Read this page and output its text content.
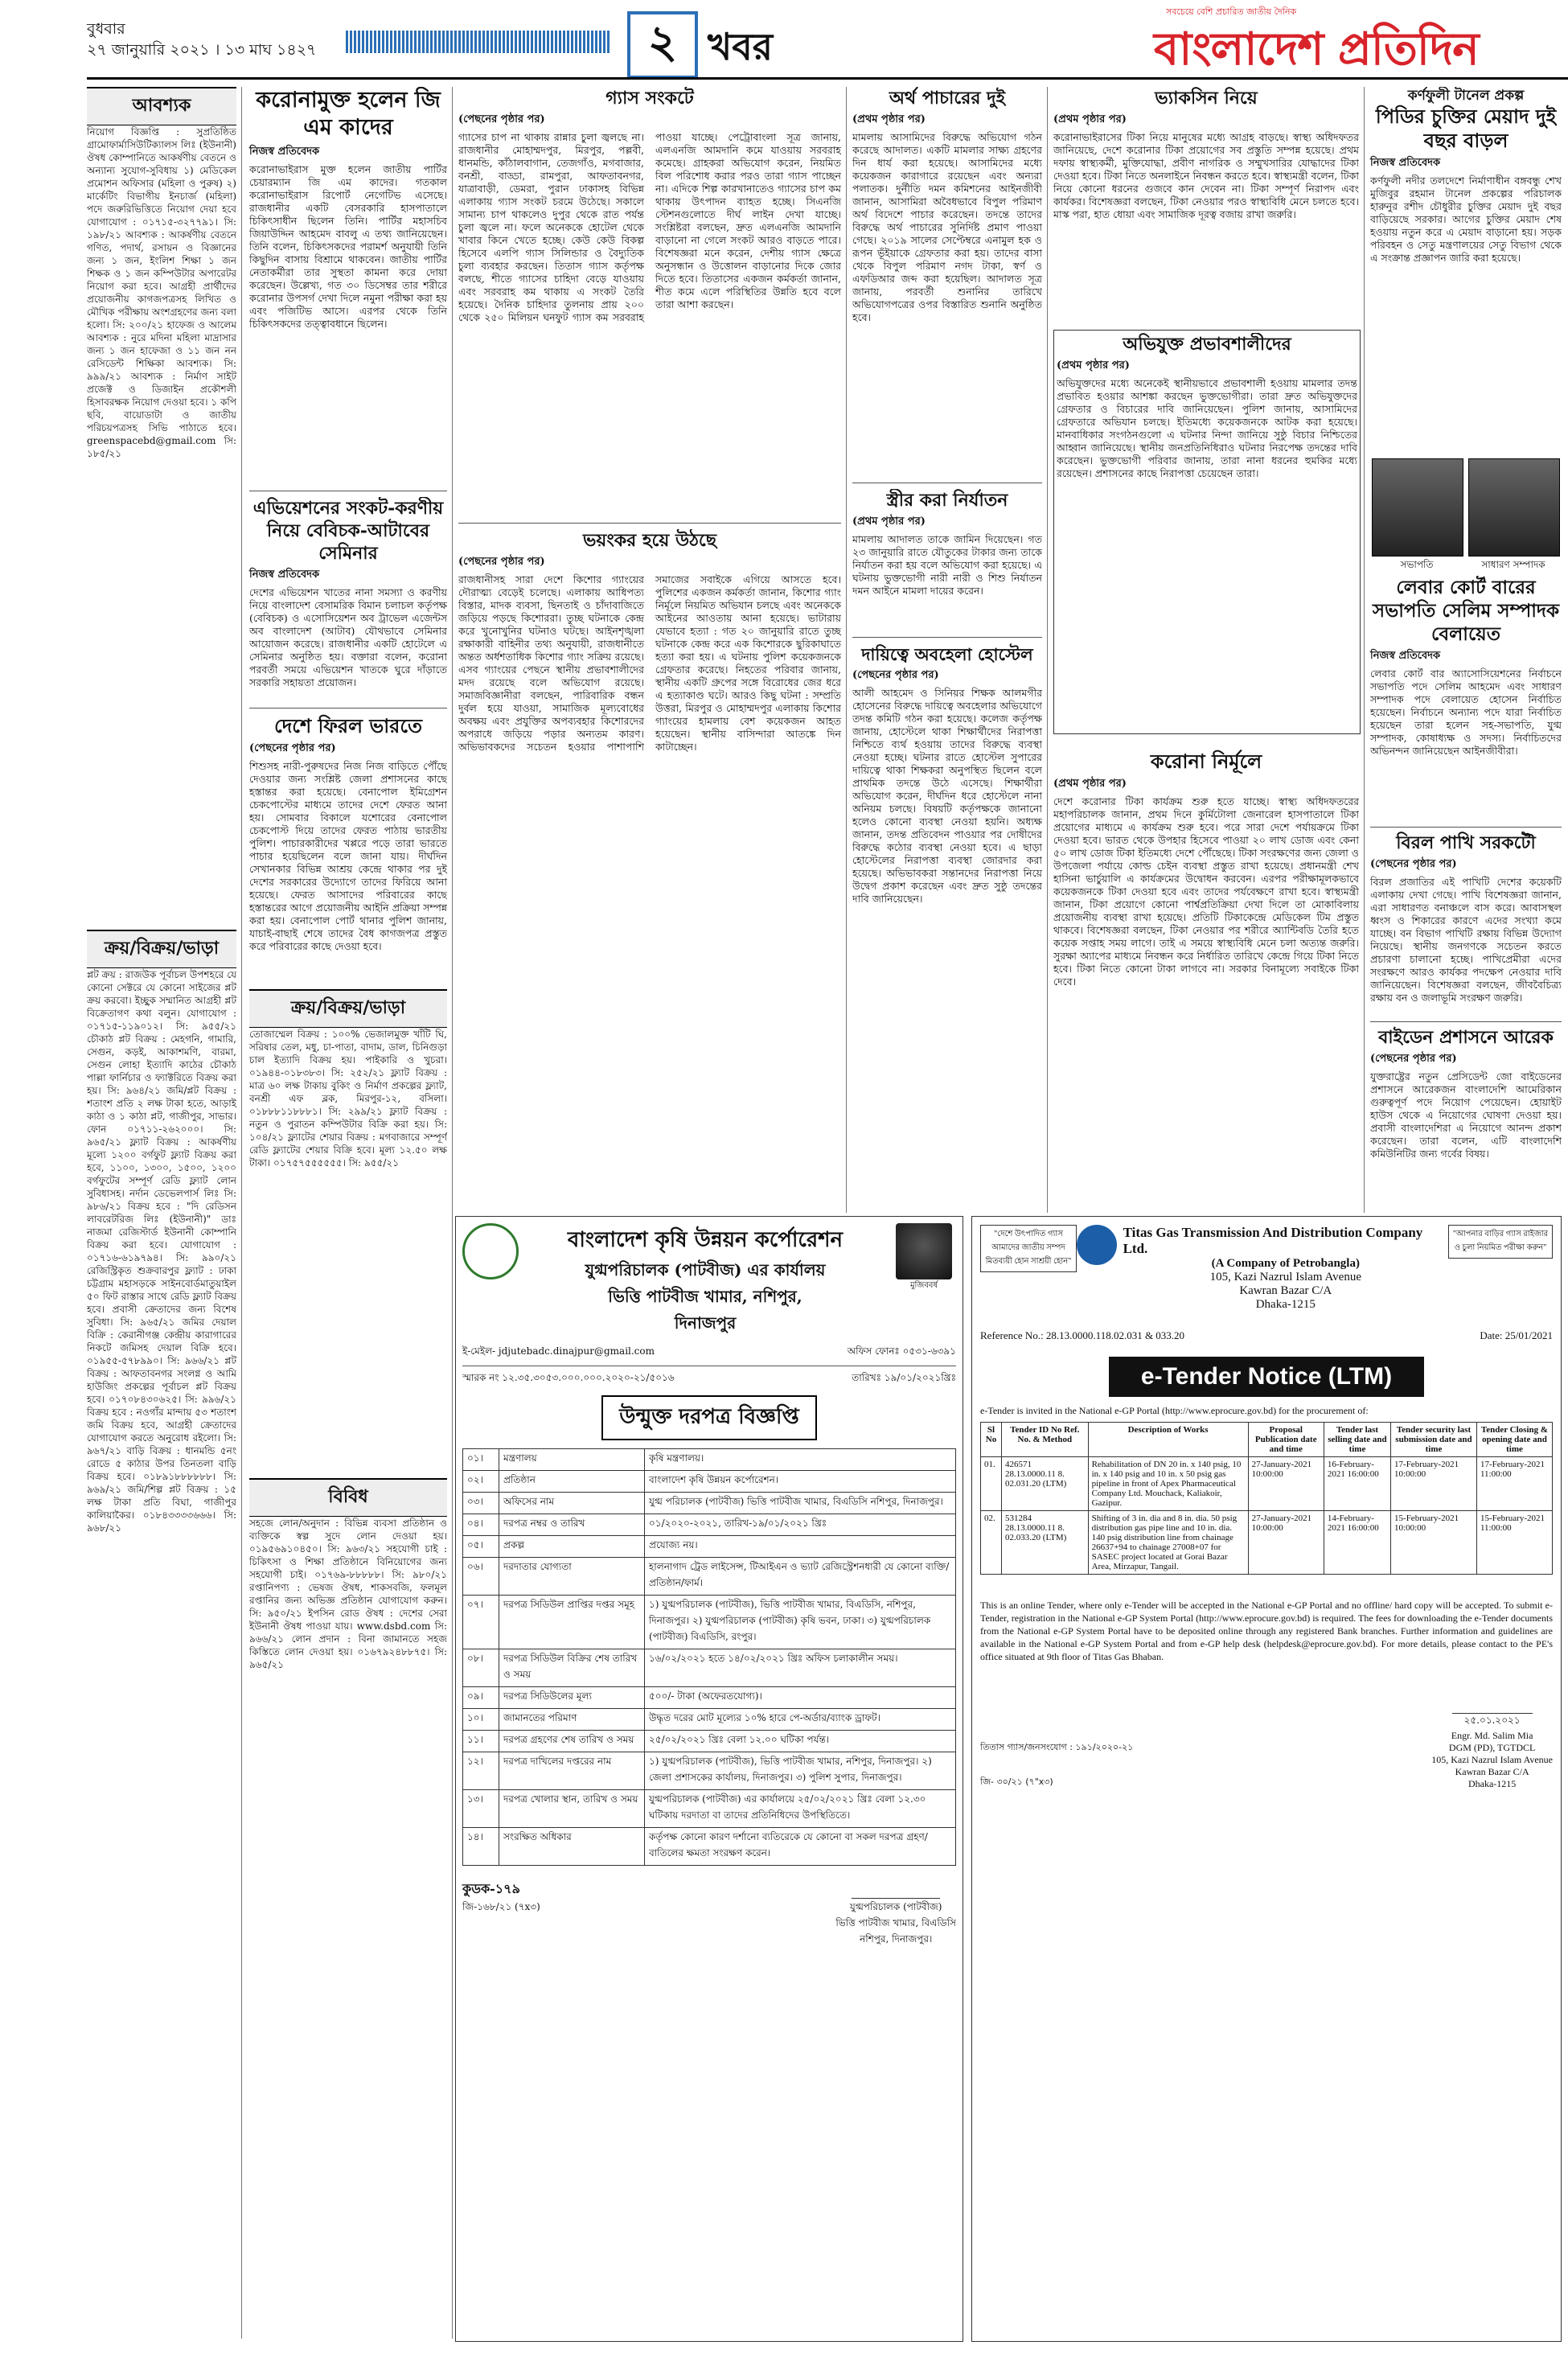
বুধবার
২৭ জানুয়ারি ২০২১ । ১৩ মাঘ ১৪২৭	২ খবর
সবচেয়ে বেশি প্রচারিত জাতীয় দৈনিক
বাংলাদেশ প্রতিদিন
আবশ্যক
নিয়োগ বিজ্ঞপ্তি : সুপ্রতিষ্ঠিত গ্রামোফার্মাসিউটিক্যালস লিঃ (ইউনানী) ঔষধ কোম্পানিতে আকর্ষণীয় বেতনে ও অন্যান্য সুযোগ-সুবিধায় ১) মেডিকেল প্রমোশন অফিসার (মহিলা ও পুরুষ) ২) মার্কেটিং বিভাগীয় ইনচার্জ (মহিলা) পদে জরুরিভিত্তিতে নিয়োগ দেয়া হবে যোগাযোগ : ০১৭১৫-৩২৭৭৯১। সি: ১৯৮/২১ আবশ্যক : আকর্ষণীয় বেতনে গণিত, পদার্থ, রসায়ন ও বিজ্ঞানের জন্য ১ জন, ইংলিশ শিক্ষা ১ জন শিক্ষক ও ১ জন কম্পিউটার অপারেটর নিয়োগ করা হবে। আগ্রহী প্রার্থীদের প্রয়োজনীয় কাগজপত্রসহ লিখিত ও মৌখিক পরীক্ষায় অংশগ্রহণের জন্য বলা হলো। সি: ২০০/২১ হাফেজ ও আলেম আবশ্যক : নুরে মদিনা মহিলা মাদ্রাসার জন্য ১ জন হাফেজা ও ১১ জন নন রেসিডেন্ট শিক্ষিকা আবশ্যক। সি: ৯৯৯/২১ আবশ্যক : নির্মাণ সাইট প্রজেক্ট ও ডিজাইন প্রকৌশলী হিসাবরক্ষক নিয়োগ দেওয়া হবে। ১ কপি ছবি, বায়োডাটা ও জাতীয় পরিচয়পত্রসহ সিভি পাঠাতে হবে। greenspacebd@gmail.com সি: ১৮৫/২১
ক্রয়/বিক্রয়/ভাড়া
প্লট ক্রয় : রাজউক পূর্বাচল উপশহরে যে কোনো সেক্টরে যে কোনো সাইজের প্লট ক্রয় করবো। ইচ্ছুক সম্মানিত আগ্রহী প্লট বিক্রেতাগণ কথা বলুন। যোগাযোগ : ০১৭১৫-১১৯০১২। সি: ৯৫৫/২১ চৌকাঠ প্লট বিক্রয় : মেহগনি, গামারি, সেগুন, কড়ই, আকাশমণি, বারমা, সেগুন লোহা ইত্যাদি কাঠের চৌকাঠ পাল্লা ফার্নিচার ও ফ্যাক্টরিতে বিক্রয় করা হয়। সি: ৯৬৪/২১ জমি/প্লট বিক্রয় : শতাংশ প্রতি ২ লক্ষ টাকা হতে, আড়াই কাঠা ও ১ কাঠা প্লট, গাজীপুর, সাভার। ফোন ০১৭১১-২৬২০০০। সি: ৯৬৫/২১ ফ্ল্যাট বিক্রয় : আকর্ষণীয় মূল্যে ১২০০ বর্গফুট ফ্ল্যাট বিক্রয় করা হবে, ১১০০, ১৩০০, ১৫০০, ১২০০ বর্গফুটের সম্পূর্ণ রেডি ফ্ল্যাট লোন সুবিধাসহ। নর্দান ডেভেলপার্স লিঃ সি: ৯৮৬/২১ বিক্রয় হবে : "দি রেডিসন লাবরেটরিজ লিঃ (ইউনানী)" ডাঃ নাজমা রেজিস্টার্ড ইউনানী কোম্পানি বিক্রয় করা হবে। যোগাযোগ : ০১৭১৬-৬১৯৭৯৪। সি: ৯৯০/২১ রেজিস্ট্রিকৃত শুক্রবারপুর ফ্ল্যাট : ঢাকা চট্টগ্রাম মহাসড়কে সাইনবোর্ডমাতুয়াইল ৫০ ফিট রাস্তার সাথে রেডি ফ্ল্যাট বিক্রয় হবে। প্রবাসী ক্রেতাদের জন্য বিশেষ সুবিধা। সি: ৯৬৫/২১ জমির দেয়াল বিক্রি : কেরানীগঞ্জ কেন্দ্রীয় কারাগারের নিকটে জমিসহ দেয়াল বিক্রি হবে। ০১৯৫৫-৫৭৮৯৯০। সি: ৯৬৬/২১ প্লট বিক্রয় : আফতাবনগর সংলগ্ন ও আমি হাউজিং প্রকল্পের পূর্বাচল প্লট বিক্রয় হবে। ০১৭০৮৪৩০৬২৫। সি: ৯৯৬/২১ বিক্রয় হবে : নওগাঁর মান্দায় ৫৩ শতাংশ জমি বিক্রয় হবে, আগ্রহী ক্রেতাদের যোগাযোগ করতে অনুরোধ রইলো। সি: ৯৬৭/২১ বাড়ি বিক্রয় : ধানমন্ডি ৫নং রোডে ৫ কাঠার উপর তিনতলা বাড়ি বিক্রয় হবে। ০১৮৯১৮৮৮৮৮৮। সি: ৯৬৯/২১ জমি/শিল্প প্লট বিক্রয় : ১৫ লক্ষ টাকা প্রতি বিঘা, গাজীপুর কালিয়াকৈর। ০১৮৪৩৩৩৩৬৬৬। সি: ৯৬৮/২১
করোনামুক্ত হলেন জি এম কাদের
নিজস্ব প্রতিবেদক
করোনাভাইরাস মুক্ত হলেন জাতীয় পার্টির চেয়ারম্যান জি এম কাদের। গতকাল করোনাভাইরাস রিপোর্ট নেগেটিভ এসেছে। রাজধানীর একটি বেসরকারি হাসপাতালে চিকিৎসাধীন ছিলেন তিনি। পার্টির মহাসচিব জিয়াউদ্দিন আহমেদ বাবলু এ তথ্য জানিয়েছেন। তিনি বলেন, চিকিৎসকদের পরামর্শ অনুযায়ী তিনি কিছুদিন বাসায় বিশ্রামে থাকবেন। জাতীয় পার্টির নেতাকর্মীরা তার সুস্থতা কামনা করে দোয়া করেছেন। উল্লেখ্য, গত ৩০ ডিসেম্বর তার শরীরে করোনার উপসর্গ দেখা দিলে নমুনা পরীক্ষা করা হয় এবং পজিটিভ আসে। এরপর থেকে তিনি চিকিৎসকদের তত্ত্বাবধানে ছিলেন।
এভিয়েশনের সংকট-করণীয় নিয়ে বেবিচক-আটাবের সেমিনার
নিজস্ব প্রতিবেদক
দেশের এভিয়েশন খাতের নানা সমস্যা ও করণীয় নিয়ে বাংলাদেশ বেসামরিক বিমান চলাচল কর্তৃপক্ষ (বেবিচক) ও এসোসিয়েশন অব ট্রাভেল এজেন্টস অব বাংলাদেশ (আটাব) যৌথভাবে সেমিনার আয়োজন করেছে। রাজধানীর একটি হোটেলে এ সেমিনার অনুষ্ঠিত হয়। বক্তারা বলেন, করোনা পরবর্তী সময়ে এভিয়েশন খাতকে ঘুরে দাঁড়াতে সরকারি সহায়তা প্রয়োজন।
দেশে ফিরল ভারতে
(পেছনের পৃষ্ঠার পর)
শিশুসহ নারী-পুরুষদের নিজ নিজ বাড়িতে পৌঁছে দেওয়ার জন্য সংশ্লিষ্ট জেলা প্রশাসনের কাছে হস্তান্তর করা হয়েছে। বেনাপোল ইমিগ্রেশন চেকপোস্টের মাধ্যমে তাদের দেশে ফেরত আনা হয়। সোমবার বিকালে যশোরের বেনাপোল চেকপোস্ট দিয়ে তাদের ফেরত পাঠায় ভারতীয় পুলিশ। পাচারকারীদের খপ্পরে পড়ে তারা ভারতে পাচার হয়েছিলেন বলে জানা যায়। দীর্ঘদিন সেখানকার বিভিন্ন আশ্রয় কেন্দ্রে থাকার পর দুই দেশের সরকারের উদ্যোগে তাদের ফিরিয়ে আনা হয়েছে। ফেরত আসাদের পরিবারের কাছে হস্তান্তরের আগে প্রয়োজনীয় আইনি প্রক্রিয়া সম্পন্ন করা হয়। বেনাপোল পোর্ট থানার পুলিশ জানায়, যাচাই-বাছাই শেষে তাদের বৈধ কাগজপত্র প্রস্তুত করে পরিবারের কাছে দেওয়া হবে।
ক্রয়/বিক্রয়/ভাড়া
তোজাম্মেল বিক্রয় : ১০০% ভেজালমুক্ত খাঁটি ঘি, সরিষার তেল, মধু, চা-পাতা, বাদাম, ডাল, চিনিগুড়া চাল ইত্যাদি বিক্রয় হয়। পাইকারি ও খুচরা। ০১৯৪৪-০১৮৩৮৩। সি: ২৫২/২১ ফ্ল্যাট বিক্রয় : মাত্র ৬০ লক্ষ টাকায় বুকিং ও নির্মাণ প্রকল্পের ফ্ল্যাট, বনশ্রী এফ ব্লক, মিরপুর-১২, বসিলা। ০১৮৮৮১১৮৮৮১। সি: ২৯৯/২১ ফ্ল্যাট বিক্রয় : নতুন ও পুরাতন কম্পিউটার বিক্রি করা হয়। সি: ১০৪/২১ ফ্ল্যাটের শেয়ার বিক্রয় : মগবাজারে সম্পূর্ণ রেডি ফ্ল্যাটের শেয়ার বিক্রি হবে। মূল্য ১২.৫০ লক্ষ টাকা। ০১৭৫৭৫৫৫৫৫৫। সি: ৯৫৫/২১
বিবিধ
সহজে লোন/অনুদান : বিভিন্ন ব্যবসা প্রতিষ্ঠান ও ব্যক্তিকে স্বল্প সুদে লোন দেওয়া হয়। ০১৯৫৬৯১০৪৫০। সি: ৯৬৩/২১ সহযোগী চাই : চিকিৎসা ও শিক্ষা প্রতিষ্ঠানে বিনিয়োগের জন্য সহযোগী চাই। ০১৭৬৯-৮৮৮৮৮। সি: ৯৮০/২১ রপ্তানিপণ্য : ভেষজ ঔষধ, শাকসবজি, ফলমূল রপ্তানির জন্য অভিজ্ঞ প্রতিষ্ঠান যোগাযোগ করুন। সি: ৯৫০/২১ ইপসিন রোড ঔষধ : দেশের সেরা ইউনানী ঔষধ পাওয়া যায়। www.dsbd.com সি: ৯৬৬/২১ লোন প্রদান : বিনা জামানতে সহজ কিস্তিতে লোন দেওয়া হয়। ০১৬৭৯২৪৮৮৭৫। সি: ৯৬৫/২১
গ্যাস সংকটে
(পেছনের পৃষ্ঠার পর)
গ্যাসের চাপ না থাকায় রান্নার চুলা জ্বলছে না। রাজধানীর মোহাম্মদপুর, মিরপুর, পল্লবী, ধানমন্ডি, কাঁঠালবাগান, তেজগাঁও, মগবাজার, বনশ্রী, বাড্ডা, রামপুরা, আফতাবনগর, যাত্রাবাড়ী, ডেমরা, পুরান ঢাকাসহ বিভিন্ন এলাকায় গ্যাস সংকট চরমে উঠেছে। সকালে সামান্য চাপ থাকলেও দুপুর থেকে রাত পর্যন্ত চুলা জ্বলে না। ফলে অনেককে হোটেল থেকে খাবার কিনে খেতে হচ্ছে। কেউ কেউ বিকল্প হিসেবে এলপি গ্যাস সিলিন্ডার ও বৈদ্যুতিক চুলা ব্যবহার করছেন। তিতাস গ্যাস কর্তৃপক্ষ বলছে, শীতে গ্যাসের চাহিদা বেড়ে যাওয়ায় এবং সরবরাহ কম থাকায় এ সংকট তৈরি হয়েছে। দৈনিক চাহিদার তুলনায় প্রায় ২০০ থেকে ২৫০ মিলিয়ন ঘনফুট গ্যাস কম সরবরাহ পাওয়া যাচ্ছে। পেট্রোবাংলা সূত্র জানায়, এলএনজি আমদানি কমে যাওয়ায় সরবরাহ কমেছে। গ্রাহকরা অভিযোগ করেন, নিয়মিত বিল পরিশোধ করার পরও তারা গ্যাস পাচ্ছেন না। এদিকে শিল্প কারখানাতেও গ্যাসের চাপ কম থাকায় উৎপাদন ব্যাহত হচ্ছে। সিএনজি স্টেশনগুলোতে দীর্ঘ লাইন দেখা যাচ্ছে। সংশ্লিষ্টরা বলছেন, দ্রুত এলএনজি আমদানি বাড়ানো না গেলে সংকট আরও বাড়তে পারে। বিশেষজ্ঞরা মনে করেন, দেশীয় গ্যাস ক্ষেত্রে অনুসন্ধান ও উত্তোলন বাড়ানোর দিকে জোর দিতে হবে। তিতাসের একজন কর্মকর্তা জানান, শীত কমে এলে পরিস্থিতির উন্নতি হবে বলে তারা আশা করছেন।
ভয়ংকর হয়ে উঠছে
(পেছনের পৃষ্ঠার পর)
রাজধানীসহ সারা দেশে কিশোর গ্যাংয়ের দৌরাত্ম্য বেড়েই চলেছে। এলাকায় আধিপত্য বিস্তার, মাদক ব্যবসা, ছিনতাই ও চাঁদাবাজিতে জড়িয়ে পড়ছে কিশোররা। তুচ্ছ ঘটনাকে কেন্দ্র করে খুনোখুনির ঘটনাও ঘটছে। আইনশৃঙ্খলা রক্ষাকারী বাহিনীর তথ্য অনুযায়ী, রাজধানীতে অন্তত অর্ধশতাধিক কিশোর গ্যাং সক্রিয় রয়েছে। এসব গ্যাংয়ের পেছনে স্থানীয় প্রভাবশালীদের মদদ রয়েছে বলে অভিযোগ রয়েছে। সমাজবিজ্ঞানীরা বলছেন, পারিবারিক বন্ধন দুর্বল হয়ে যাওয়া, সামাজিক মূল্যবোধের অবক্ষয় এবং প্রযুক্তির অপব্যবহার কিশোরদের অপরাধে জড়িয়ে পড়ার অন্যতম কারণ। অভিভাবকদের সচেতন হওয়ার পাশাপাশি সমাজের সবাইকে এগিয়ে আসতে হবে। পুলিশের একজন কর্মকর্তা জানান, কিশোর গ্যাং নির্মূলে নিয়মিত অভিযান চলছে এবং অনেককে আইনের আওতায় আনা হয়েছে। ভাটারায় যেভাবে হত্যা : গত ২০ জানুয়ারি রাতে তুচ্ছ ঘটনাকে কেন্দ্র করে এক কিশোরকে ছুরিকাঘাতে হত্যা করা হয়। এ ঘটনায় পুলিশ কয়েকজনকে গ্রেফতার করেছে। নিহতের পরিবার জানায়, স্থানীয় একটি গ্রুপের সঙ্গে বিরোধের জের ধরে এ হত্যাকাণ্ড ঘটে। আরও কিছু ঘটনা : সম্প্রতি উত্তরা, মিরপুর ও মোহাম্মদপুর এলাকায় কিশোর গ্যাংয়ের হামলায় বেশ কয়েকজন আহত হয়েছেন। স্থানীয় বাসিন্দারা আতঙ্কে দিন কাটাচ্ছেন।
অর্থ পাচারের দুই
(প্রথম পৃষ্ঠার পর)
মামলায় আসামিদের বিরুদ্ধে অভিযোগ গঠন করেছে আদালত। একটি মামলার সাক্ষ্য গ্রহণের দিন ধার্য করা হয়েছে। আসামিদের মধ্যে কয়েকজন কারাগারে রয়েছেন এবং অন্যরা পলাতক। দুর্নীতি দমন কমিশনের আইনজীবী জানান, আসামিরা অবৈধভাবে বিপুল পরিমাণ অর্থ বিদেশে পাচার করেছেন। তদন্তে তাদের বিরুদ্ধে অর্থ পাচারের সুনির্দিষ্ট প্রমাণ পাওয়া গেছে। ২০১৯ সালের সেপ্টেম্বরে এনামুল হক ও রূপন ভূঁইয়াকে গ্রেফতার করা হয়। তাদের বাসা থেকে বিপুল পরিমাণ নগদ টাকা, স্বর্ণ ও এফডিআর জব্দ করা হয়েছিল। আদালত সূত্র জানায়, পরবর্তী শুনানির তারিখে অভিযোগপত্রের ওপর বিস্তারিত শুনানি অনুষ্ঠিত হবে।
স্ত্রীর করা নির্যাতন
(প্রথম পৃষ্ঠার পর)
মামলায় আদালত তাকে জামিন দিয়েছেন। গত ২৩ জানুয়ারি রাতে যৌতুকের টাকার জন্য তাকে নির্যাতন করা হয় বলে অভিযোগ করা হয়েছে। এ ঘটনায় ভুক্তভোগী নারী নারী ও শিশু নির্যাতন দমন আইনে মামলা দায়ের করেন।
দায়িত্বে অবহেলা হোস্টেল
(পেছনের পৃষ্ঠার পর)
আলী আহমেদ ও সিনিয়র শিক্ষক আলমগীর হোসেনের বিরুদ্ধে দায়িত্বে অবহেলার অভিযোগে তদন্ত কমিটি গঠন করা হয়েছে। কলেজ কর্তৃপক্ষ জানায়, হোস্টেলে থাকা শিক্ষার্থীদের নিরাপত্তা নিশ্চিতে ব্যর্থ হওয়ায় তাদের বিরুদ্ধে ব্যবস্থা নেওয়া হচ্ছে। ঘটনার রাতে হোস্টেল সুপারের দায়িত্বে থাকা শিক্ষকরা অনুপস্থিত ছিলেন বলে প্রাথমিক তদন্তে উঠে এসেছে। শিক্ষার্থীরা অভিযোগ করেন, দীর্ঘদিন ধরে হোস্টেলে নানা অনিয়ম চলছে। বিষয়টি কর্তৃপক্ষকে জানানো হলেও কোনো ব্যবস্থা নেওয়া হয়নি। অধ্যক্ষ জানান, তদন্ত প্রতিবেদন পাওয়ার পর দোষীদের বিরুদ্ধে কঠোর ব্যবস্থা নেওয়া হবে। এ ছাড়া হোস্টেলের নিরাপত্তা ব্যবস্থা জোরদার করা হয়েছে। অভিভাবকরা সন্তানদের নিরাপত্তা নিয়ে উদ্বেগ প্রকাশ করেছেন এবং দ্রুত সুষ্ঠু তদন্তের দাবি জানিয়েছেন।
ভ্যাকসিন নিয়ে
(প্রথম পৃষ্ঠার পর)
করোনাভাইরাসের টিকা নিয়ে মানুষের মধ্যে আগ্রহ বাড়ছে। স্বাস্থ্য অধিদফতর জানিয়েছে, দেশে করোনার টিকা প্রয়োগের সব প্রস্তুতি সম্পন্ন হয়েছে। প্রথম দফায় স্বাস্থ্যকর্মী, মুক্তিযোদ্ধা, প্রবীণ নাগরিক ও সম্মুখসারির যোদ্ধাদের টিকা দেওয়া হবে। টিকা নিতে অনলাইনে নিবন্ধন করতে হবে। স্বাস্থ্যমন্ত্রী বলেন, টিকা নিয়ে কোনো ধরনের গুজবে কান দেবেন না। টিকা সম্পূর্ণ নিরাপদ এবং কার্যকর। বিশেষজ্ঞরা বলছেন, টিকা নেওয়ার পরও স্বাস্থ্যবিধি মেনে চলতে হবে। মাস্ক পরা, হাত ধোয়া এবং সামাজিক দূরত্ব বজায় রাখা জরুরি।
অভিযুক্ত প্রভাবশালীদের
(প্রথম পৃষ্ঠার পর)
অভিযুক্তদের মধ্যে অনেকেই স্থানীয়ভাবে প্রভাবশালী হওয়ায় মামলার তদন্ত প্রভাবিত হওয়ার আশঙ্কা করছেন ভুক্তভোগীরা। তারা দ্রুত অভিযুক্তদের গ্রেফতার ও বিচারের দাবি জানিয়েছেন। পুলিশ জানায়, আসামিদের গ্রেফতারে অভিযান চলছে। ইতিমধ্যে কয়েকজনকে আটক করা হয়েছে। মানবাধিকার সংগঠনগুলো এ ঘটনার নিন্দা জানিয়ে সুষ্ঠু বিচার নিশ্চিতের আহ্বান জানিয়েছে। স্থানীয় জনপ্রতিনিধিরাও ঘটনার নিরপেক্ষ তদন্তের দাবি করেছেন। ভুক্তভোগী পরিবার জানায়, তারা নানা ধরনের হুমকির মধ্যে রয়েছেন। প্রশাসনের কাছে নিরাপত্তা চেয়েছেন তারা।
করোনা নির্মূলে
(প্রথম পৃষ্ঠার পর)
দেশে করোনার টিকা কার্যক্রম শুরু হতে যাচ্ছে। স্বাস্থ্য অধিদফতরের মহাপরিচালক জানান, প্রথম দিনে কুর্মিটোলা জেনারেল হাসপাতালে টিকা প্রয়োগের মাধ্যমে এ কার্যক্রম শুরু হবে। পরে সারা দেশে পর্যায়ক্রমে টিকা দেওয়া হবে। ভারত থেকে উপহার হিসেবে পাওয়া ২০ লাখ ডোজ এবং কেনা ৫০ লাখ ডোজ টিকা ইতিমধ্যে দেশে পৌঁছেছে। টিকা সংরক্ষণের জন্য জেলা ও উপজেলা পর্যায়ে কোল্ড চেইন ব্যবস্থা প্রস্তুত রাখা হয়েছে। প্রধানমন্ত্রী শেখ হাসিনা ভার্চুয়ালি এ কার্যক্রমের উদ্বোধন করবেন। এরপর পরীক্ষামূলকভাবে কয়েকজনকে টিকা দেওয়া হবে এবং তাদের পর্যবেক্ষণে রাখা হবে। স্বাস্থ্যমন্ত্রী জানান, টিকা প্রয়োগে কোনো পার্শ্বপ্রতিক্রিয়া দেখা দিলে তা মোকাবিলায় প্রয়োজনীয় ব্যবস্থা রাখা হয়েছে। প্রতিটি টিকাকেন্দ্রে মেডিকেল টিম প্রস্তুত থাকবে। বিশেষজ্ঞরা বলছেন, টিকা নেওয়ার পর শরীরে অ্যান্টিবডি তৈরি হতে কয়েক সপ্তাহ সময় লাগে। তাই এ সময়ে স্বাস্থ্যবিধি মেনে চলা অত্যন্ত জরুরি। সুরক্ষা অ্যাপের মাধ্যমে নিবন্ধন করে নির্ধারিত তারিখে কেন্দ্রে গিয়ে টিকা নিতে হবে। টিকা নিতে কোনো টাকা লাগবে না। সরকার বিনামূল্যে সবাইকে টিকা দেবে।
কর্ণফুলী টানেল প্রকল্প
পিডির চুক্তির মেয়াদ দুই বছর বাড়ল
নিজস্ব প্রতিবেদক
কর্ণফুলী নদীর তলদেশে নির্মাণাধীন বঙ্গবন্ধু শেখ মুজিবুর রহমান টানেল প্রকল্পের পরিচালক হারুনুর রশীদ চৌধুরীর চুক্তির মেয়াদ দুই বছর বাড়িয়েছে সরকার। আগের চুক্তির মেয়াদ শেষ হওয়ায় নতুন করে এ মেয়াদ বাড়ানো হয়। সড়ক পরিবহন ও সেতু মন্ত্রণালয়ের সেতু বিভাগ থেকে এ সংক্রান্ত প্রজ্ঞাপন জারি করা হয়েছে।
সভাপতি	সাধারণ সম্পাদক
লেবার কোর্ট বারের সভাপতি সেলিম সম্পাদক বেলায়েত
নিজস্ব প্রতিবেদক
লেবার কোর্ট বার অ্যাসোসিয়েশনের নির্বাচনে সভাপতি পদে সেলিম আহমেদ এবং সাধারণ সম্পাদক পদে বেলায়েত হোসেন নির্বাচিত হয়েছেন। নির্বাচনে অন্যান্য পদে যারা নির্বাচিত হয়েছেন তারা হলেন সহ-সভাপতি, যুগ্ম সম্পাদক, কোষাধ্যক্ষ ও সদস্য। নির্বাচিতদের অভিনন্দন জানিয়েছেন আইনজীবীরা।
বিরল পাখি সরকটৌ
(পেছনের পৃষ্ঠার পর)
বিরল প্রজাতির এই পাখিটি দেশের কয়েকটি এলাকায় দেখা গেছে। পাখি বিশেষজ্ঞরা জানান, এরা সাধারণত বনাঞ্চলে বাস করে। আবাসস্থল ধ্বংস ও শিকারের কারণে এদের সংখ্যা কমে যাচ্ছে। বন বিভাগ পাখিটি রক্ষায় বিভিন্ন উদ্যোগ নিয়েছে। স্থানীয় জনগণকে সচেতন করতে প্রচারণা চালানো হচ্ছে। পাখিপ্রেমীরা এদের সংরক্ষণে আরও কার্যকর পদক্ষেপ নেওয়ার দাবি জানিয়েছেন। বিশেষজ্ঞরা বলছেন, জীববৈচিত্র্য রক্ষায় বন ও জলাভূমি সংরক্ষণ জরুরি।
বাইডেন প্রশাসনে আরেক
(পেছনের পৃষ্ঠার পর)
যুক্তরাষ্ট্রের নতুন প্রেসিডেন্ট জো বাইডেনের প্রশাসনে আরেকজন বাংলাদেশি আমেরিকান গুরুত্বপূর্ণ পদে নিয়োগ পেয়েছেন। হোয়াইট হাউস থেকে এ নিয়োগের ঘোষণা দেওয়া হয়। প্রবাসী বাংলাদেশিরা এ নিয়োগে আনন্দ প্রকাশ করেছেন। তারা বলেন, এটি বাংলাদেশি কমিউনিটির জন্য গর্বের বিষয়।
বাংলাদেশ কৃষি উন্নয়ন কর্পোরেশন
যুগ্মপরিচালক (পাটবীজ) এর কার্যালয়
ভিত্তি পাটবীজ খামার, নশিপুর,
দিনাজপুর
মুজিববর্ষ
ই-মেইল- jdjutebadc.dinajpur@gmail.com	অফিস ফোনঃ ০৫৩১-৬৩৯১
স্মারক নং ১২.৩৫.৩০৫৩.০০০.০০০.২০২০-২১/৫০১৬	তারিখঃ ১৯/০১/২০২১খ্রিঃ
উন্মুক্ত দরপত্র বিজ্ঞপ্তি
০১।	মন্ত্রণালয়	কৃষি মন্ত্রণালয়।
০২।	প্রতিষ্ঠান	বাংলাদেশ কৃষি উন্নয়ন কর্পোরেশন।
০৩।	অফিসের নাম	যুগ্ম পরিচালক (পাটবীজ) ভিত্তি পাটবীজ খামার, বিএডিসি নশিপুর, দিনাজপুর।
০৪।	দরপত্র নম্বর ও তারিখ	০১/২০২০-২০২১, তারিখ-১৯/০১/২০২১ খ্রিঃ
০৫।	প্রকল্প	প্রযোজ্য নয়।
০৬।	দরদাতার যোগ্যতা	হালনাগাদ ট্রেড লাইসেন্স, টিআইএন ও ভ্যাট রেজিস্ট্রেশনধারী যে কোনো ব্যক্তি/প্রতিষ্ঠান/ফার্ম।
০৭।	দরপত্র সিডিউল প্রাপ্তির দপ্তর সমূহ	১) যুগ্মপরিচালক (পাটবীজ), ভিত্তি পাটবীজ খামার, বিএডিসি, নশিপুর, দিনাজপুর। ২) যুগ্মপরিচালক (পাটবীজ) কৃষি ভবন, ঢাকা। ৩) যুগ্মপরিচালক (পাটবীজ) বিএডিসি, রংপুর।
০৮।	দরপত্র সিডিউল বিক্রির শেষ তারিখ ও সময়	১৬/০২/২০২১ হতে ১৪/০২/২০২১ খ্রিঃ অফিস চলাকালীন সময়।
০৯।	দরপত্র সিডিউলের মূল্য	৫০০/- টাকা (অফেরতযোগ্য)।
১০।	জামানতের পরিমাণ	উদ্ধৃত দরের মোট মূল্যের ১০% হারে পে-অর্ডার/ব্যাংক ড্রাফট।
১১।	দরপত্র গ্রহণের শেষ তারিখ ও সময়	২৫/০২/২০২১ খ্রিঃ বেলা ১২.০০ ঘটিকা পর্যন্ত।
১২।	দরপত্র দাখিলের দপ্তরের নাম	১) যুগ্মপরিচালক (পাটবীজ), ভিত্তি পাটবীজ খামার, নশিপুর, দিনাজপুর। ২) জেলা প্রশাসকের কার্যালয়, দিনাজপুর। ৩) পুলিশ সুপার, দিনাজপুর।
১৩।	দরপত্র খোলার স্থান, তারিখ ও সময়	যুগ্মপরিচালক (পাটবীজ) এর কার্যালয়ে ২৫/০২/২০২১ খ্রিঃ বেলা ১২.৩০ ঘটিকায় দরদাতা বা তাদের প্রতিনিধিদের উপস্থিতিতে।
১৪।	সংরক্ষিত অধিকার	কর্তৃপক্ষ কোনো কারণ দর্শানো ব্যতিরেকে যে কোনো বা সকল দরপত্র গ্রহণ/বাতিলের ক্ষমতা সংরক্ষণ করেন।
কুডক-১৭৯
জি-১৬৮/২১ (৭x৩)	যুগ্মপরিচালক (পাটবীজ)
ভিত্তি পাটবীজ খামার, বিএডিসি
নশিপুর, দিনাজপুর।
"দেশে উৎপাদিত গ্যাস আমাদের জাতীয় সম্পদ মিতব্যয়ী হোন সাশ্রয়ী হোন"
Titas Gas Transmission And Distribution Company Ltd.
(A Company of Petrobangla)
105, Kazi Nazrul Islam Avenue
Kawran Bazar C/A
Dhaka-1215
"আপনার বাড়ির গ্যাস রাইজার ও চুলা নিয়মিত পরীক্ষা করুন"
Reference No.: 28.13.0000.118.02.031 & 033.20	Date: 25/01/2021
e-Tender Notice (LTM)
e-Tender is invited in the National e-GP Portal (http://www.eprocure.gov.bd) for the procurement of:
Sl No	Tender ID No Ref. No. & Method	Description of Works	Proposal Publication date and time	Tender last selling date and time	Tender security last submission date and time	Tender Closing & opening date and time
01.	426571 28.13.0000.11 8. 02.031.20 (LTM)	Rehabilitation of DN 20 in. x 140 psig, 10 in. x 140 psig and 10 in. x 50 psig gas pipeline in front of Apex Pharmaceutical Company Ltd. Mouchack, Kaliakoir, Gazipur.	27-January-2021 10:00:00	16-February-2021 16:00:00	17-February-2021 10:00:00	17-February-2021 11:00:00
02.	531284 28.13.0000.11 8. 02.033.20 (LTM)	Shifting of 3 in. dia and 8 in. dia. 50 psig distribution gas pipe line and 10 in. dia. 140 psig distribution line from chainage 26637+94 to chainage 27008+07 for SASEC project located at Gorai Bazar Area, Mirzapur, Tangail.	27-January-2021 10:00:00	14-February-2021 16:00:00	15-February-2021 10:00:00	15-February-2021 11:00:00
This is an online Tender, where only e-Tender will be accepted in the National e-GP Portal and no offline/ hard copy will be accepted. To submit e-Tender, registration in the National e-GP System Portal (http://www.eprocure.gov.bd) is required. The fees for downloading the e-Tender documents from the National e-GP System Portal have to be deposited online through any registered Bank branches. Further information and guidelines are available in the National e-GP System Portal and from e-GP help desk (helpdesk@eprocure.gov.bd). For more details, please contact to the PE's office situated at 9th floor of Titas Gas Bhaban.
তিতাস গ্যাস/জনসংযোগ : ১৯১/২০২০-২১
জি- ৩০/২১ (৭"x৩)
২৫.০১.২০২১
Engr. Md. Salim Mia
DGM (PD), TGTDCL
105, Kazi Nazrul Islam Avenue
Kawran Bazar C/A
Dhaka-1215
